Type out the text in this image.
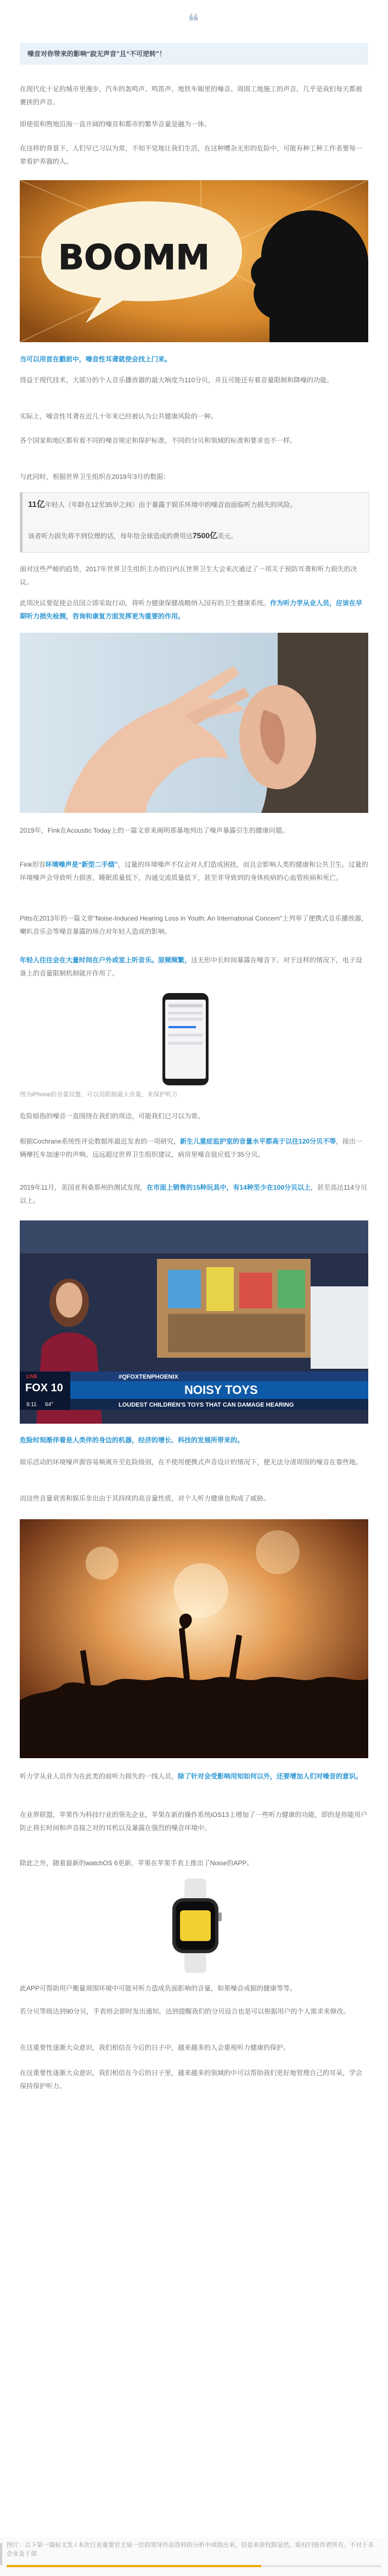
❝
噪音对你带来的影响“寂无声音”且“不可逆转”！

在现代化十足的城市里漫步，汽车的轰鸣声、鸣笛声、地铁车厢里的噪音、周围工地施工的声音，几乎是我们每天都被裹挟的声音。

即使很和煦地沿海一直开阔的噪音和都市的繁华音量是融为一体。

在这样的背景下，人们早已习以为常，不知不觉地让我们生活，在这种嘈杂无形的危险中，可能有种工种工作者要每一辈看护养器的人。

BOOMM

当可以用首在戳前中，噪音性耳聋就使会找上门来。

得益于现代技术，大部分的个人音乐播放器的最大响度为110分贝，并且可能还有着音量限制和降噪的功能。

实际上，噪音性耳聋在近几十年来已经被认为公共健康风险的一种。

各个国家和地区都有着不同的噪音规定和保护标准，不同的分贝和领域的标准和要求也不一样。

与此同时，根据世界卫生组织在2019年3月的数据：

11亿年轻人（年龄在12至35岁之间）由于暴露于娱乐环境中的噪音而面临听力损失的风险。

该者听力损失将不到位理的话，每年给全球造成的费用达7500亿美元。

面对这些严峻的趋势，2017年世界卫生组织主办的日内瓦世界卫生大会来次通过了一项关于预防耳聋和听力损失的决议。

此项决议要促使会员国立即采取行动，将听力健康保健战略纳入国有的卫生健康系统。作为听力学从业人员，应该在早期听力损失检测，咨询和康复方面发挥更为重要的作用。

2019年，Fink在Acoustic Today上的一篇文章来阐明那暴地列出了噪声暴露引生的健康问题。

Fink形容环境噪声是“新型二手烟”，过量的环境噪声不仅会对人们造成困扰，而且会影响人类的健康和公共卫生。过量的环境噪声会导致听力损害，睡眠质量低下，沟通交流质量低下，甚至非导致到的身体疾病的心血管疾病和死亡。

Pitts在2013年的一篇文章“Noise-Induced Hearing Loss in Youth: An International Concern”上列举了便携式音乐播放器，喇叭音乐会等噪音暴露的场合对年轻人造成的影响。

年轻人往往会在大量时间在户外或室上听音乐。原频频繁，这无形中长时间暴露在噪音下。对于这样的情况下，电子设备上的音量限制机制就开作用了。

图为iPhone的音量设置，可以用限制最大音量，来保护听力

危险暗指的噪音一直围绕在我们的周边，可能我们已习以为常。

根据Cochrane系统性评论数据库最近发表的一项研究，新生儿重症监护室的音量水平都高于以往120分贝不等，接出一辆摩托车加速中的声响。远远超过世界卫生组织建议，病房里噪音值应低于35分贝。

2019年11月，美国亚利桑那州的测试发现，在市面上销售的15种玩具中，有14种至少在100分贝以上，甚至高达114分贝以上。

FOX 10
9:11 64°
#QFOXTENPHOENIX
NOISY TOYS
LOUDEST CHILDREN'S TOYS THAT CAN DAMAGE HEARING
LIVE

危险时刻渐伴着是人类伴的身边的机器，经济的增长、科技的发展所带来的。

娱乐活动的环境噪声源容易频离开至危险级别，在不使用便携式声音设计的情况下，便无法分清周围的噪音在靠些地。

而这些音量衰害和娱乐非出由于其持续的高音量性质，对个人听力健康也构成了威胁。

听力学从业人员作为在此类的前听力损失的一线人员，除了针对会受影响用知如何以外，还要增加人们对噪音的意识。

在业界联盟，苹果作为科技行业的领先企业，苹果在新的操作系统iOS13上增加了一些听力健康的功能，即的是你能用户防止将长时间和声音接之对的耳机以及暴露在强烈的噪音环境中。

除此之外，随着最新的watchOS 6更新，苹果在苹果手表上推出了Noise的APP。

此APP可帮助用户衡量周围环境中可能对听力造成负面影响的音量，如果噪音或据的健康等等。

若分贝等级达到90分贝，手表则会即时发出通知，达到提醒我们的分贝设合也是可以根据用户的个人需求来修改。

在这重要性逐渐大众意识，我们相信在今后的日子中，越来越多的人会重视听力健康的保护。

在这重要性逐渐大众意识，我们相信在今后的日子里，越来越多的领域的中可以帮助我们更好地管理自己的耳朵，学会保持保护听力。

图片：以下第一篇标文发 / 本次行业重要官主展一位的领导作品资料的分析中或指出来，信是来获权限显然，版权归原作者所有。不对于非企业及于部
